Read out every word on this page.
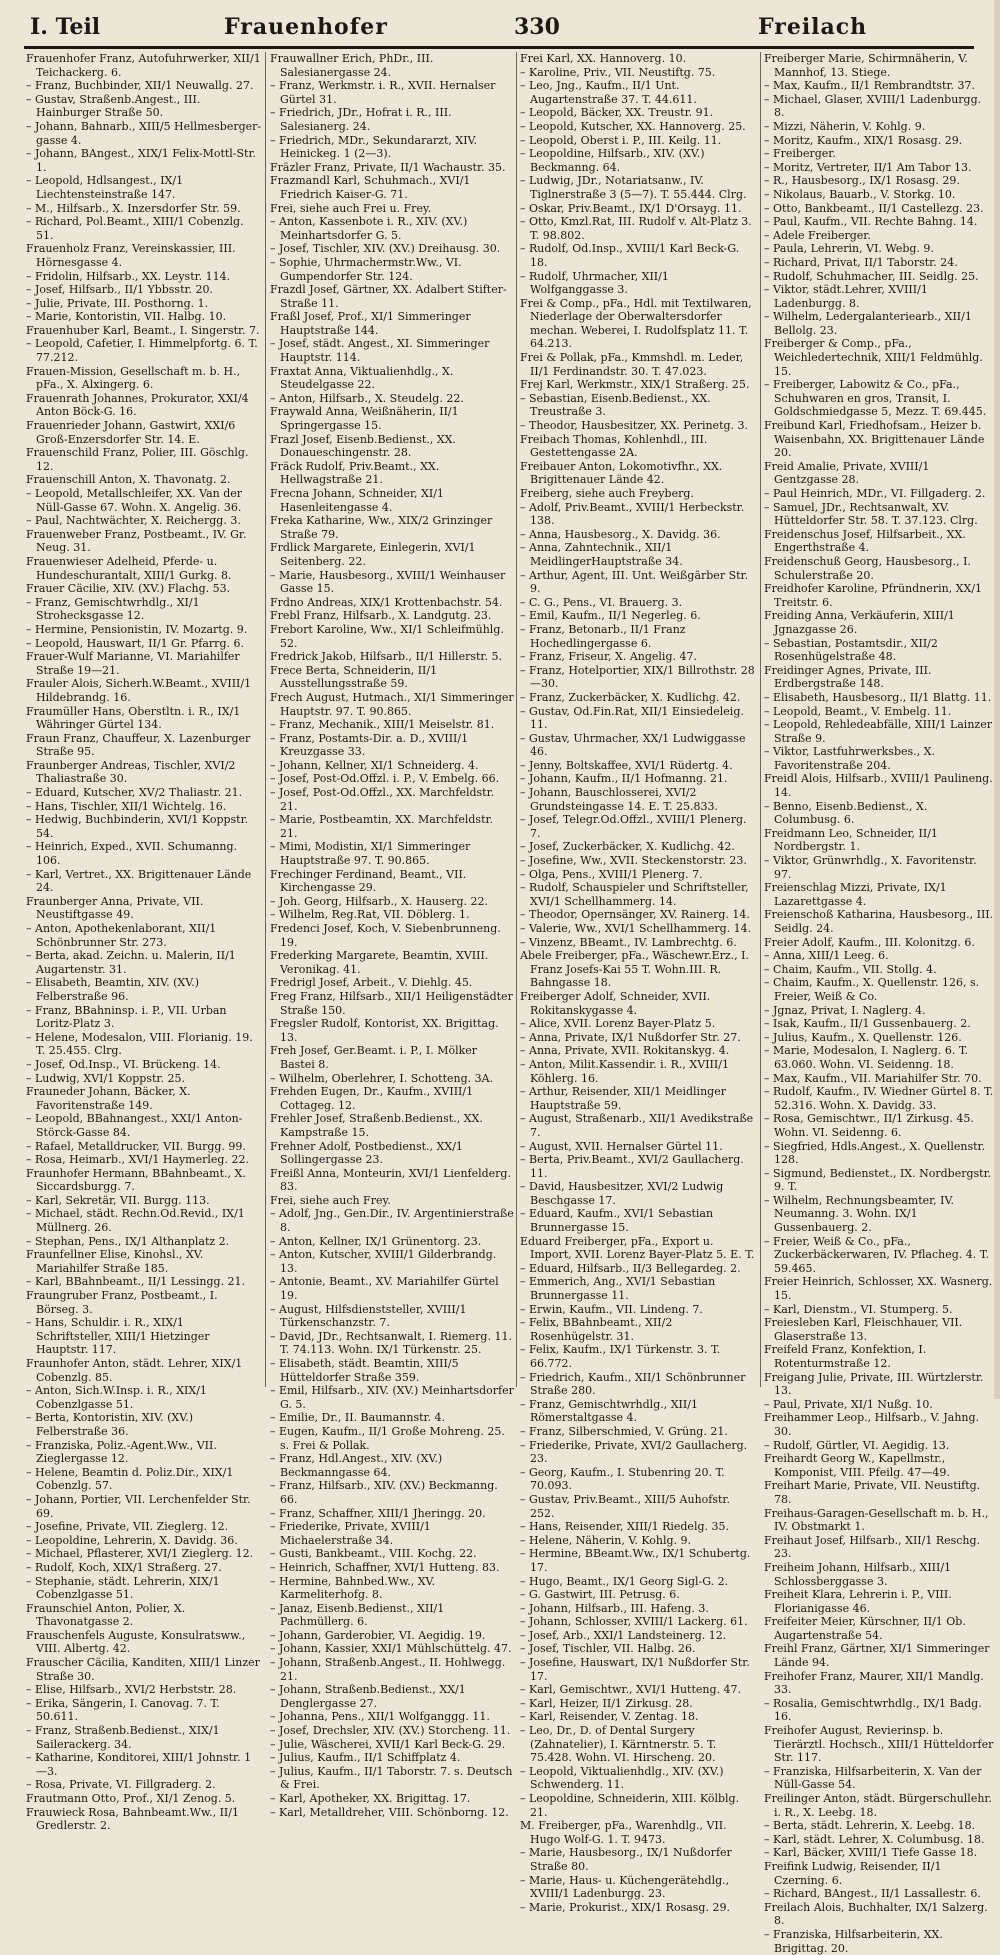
I. Teil	Frauenhofer	330	Freilach

Frauenhofer Franz, Autofuhrwerker, XII/1 Teichackerg. 6.

– Franz, Buchbinder, XII/1 Neuwallg. 27.

– Gustav, Straßenb.Angest., III. Hainburger Straße 50.

– Johann, Bahnarb., XIII/5 Hellmesberger-gasse 4.

– Johann, BAngest., XIX/1 Felix-Mottl-Str. 1.

– Leopold, Hdlsangest., IX/1 Liechtensteinstraße 147.

– M., Hilfsarb., X. Inzersdorfer Str. 59.

– Richard, Pol.Beamt., XIII/1 Cobenzlg. 51.

Frauenholz Franz, Vereinskassier, III. Hörnesgasse 4.

– Fridolin, Hilfsarb., XX. Leystr. 114.

– Josef, Hilfsarb., II/1 Ybbsstr. 20.

– Julie, Private, III. Posthorng. 1.

– Marie, Kontoristin, VII. Halbg. 10.

Frauenhuber Karl, Beamt., I. Singerstr. 7.

– Leopold, Cafetier, I. Himmelpfortg. 6. T. 77.212.

Frauen-Mission, Gesellschaft m. b. H., pFa., X. Alxingerg. 6.

Frauenrath Johannes, Prokurator, XXI/4 Anton Böck-G. 16.

Frauenrieder Johann, Gastwirt, XXI/6 Groß-Enzersdorfer Str. 14. E.

Frauenschild Franz, Polier, III. Göschlg. 12.

Frauenschill Anton, X. Thavonatg. 2.

– Leopold, Metallschleifer, XX. Van der Nüll-Gasse 67. Wohn. X. Angelig. 36.

– Paul, Nachtwächter, X. Reichergg. 3.

Frauenweber Franz, Postbeamt., IV. Gr. Neug. 31.

Frauenwieser Adelheid, Pferde- u. Hundeschurantalt, XIII/1 Gurkg. 8.

Frauer Cäcilie, XIV. (XV.) Flachg. 53.

– Franz, Gemischtwrhdlg., XI/1 Strohecksgasse 12.

– Hermine, Pensionistin, IV. Mozartg. 9.

– Leopold, Hauswart, II/1 Gr. Pfarrg. 6.

Frauer-Wulf Marianne, VI. Mariahilfer Straße 19—21.

Frauler Alois, Sicherh.W.Beamt., XVIII/1 Hildebrandg. 16.

Fraumüller Hans, Oberstltn. i. R., IX/1 Währinger Gürtel 134.

Fraun Franz, Chauffeur, X. Lazenburger Straße 95.

Fraunberger Andreas, Tischler, XVI/2 Thaliastraße 30.

– Eduard, Kutscher, XV/2 Thaliastr. 21.

– Hans, Tischler, XII/1 Wichtelg. 16.

– Hedwig, Buchbinderin, XVI/1 Koppstr. 54.

– Heinrich, Exped., XVII. Schumanng. 106.

– Karl, Vertret., XX. Brigittenauer Lände 24.

Fraunberger Anna, Private, VII. Neustiftgasse 49.

– Anton, Apothekenlaborant, XII/1 Schönbrunner Str. 273.

– Berta, akad. Zeichn. u. Malerin, II/1 Augartenstr. 31.

– Elisabeth, Beamtin, XIV. (XV.) Felberstraße 96.

– Franz, BBahninsp. i. P., VII. Urban Loritz-Platz 3.

– Helene, Modesalon, VIII. Florianig. 19. T. 25.455. Clrg.

– Josef, Od.Insp., VI. Brückeng. 14.

– Ludwig, XVI/1 Koppstr. 25.

Frauneder Johann, Bäcker, X. Favoritenstraße 149.

– Leopold, BBahnangest., XXI/1 Anton-Störck-Gasse 84.

– Rafael, Metalldrucker, VII. Burgg. 99.

– Rosa, Heimarb., XVI/1 Haymerleg. 22.

Fraunhofer Hermann, BBahnbeamt., X. Siccardsburgg. 7.

– Karl, Sekretär, VII. Burgg. 113.

– Michael, städt. Rechn.Od.Revid., IX/1 Müllnerg. 26.

– Stephan, Pens., IX/1 Althanplatz 2.

Fraunfellner Elise, Kinohsl., XV. Mariahilfer Straße 185.

– Karl, BBahnbeamt., II/1 Lessingg. 21.

Fraungruber Franz, Postbeamt., I. Börseg. 3.

– Hans, Schuldir. i. R., XIX/1 Schriftsteller, XIII/1 Hietzinger Hauptstr. 117.

Fraunhofer Anton, städt. Lehrer, XIX/1 Cobenzlg. 85.

– Anton, Sich.W.Insp. i. R., XIX/1 Cobenzlgasse 51.

– Berta, Kontoristin, XIV. (XV.) Felberstraße 36.

– Franziska, Poliz.-Agent.Ww., VII. Zieglergasse 12.

– Helene, Beamtin d. Poliz.Dir., XIX/1 Cobenzlg. 57.

– Johann, Portier, VII. Lerchenfelder Str. 69.

– Josefine, Private, VII. Zieglerg. 12.

– Leopoldine, Lehrerin, X. Davidg. 36.

– Michael, Pflasterer, XVI/1 Zieglerg. 12.

– Rudolf, Koch, XIX/1 Straßerg. 27.

– Stephanie, städt. Lehrerin, XIX/1 Cobenzlgasse 51.

Fraunschiel Anton, Polier, X. Thavonatgasse 2.

Frauschenfels Auguste, Konsulratsww., VIII. Albertg. 42.

Frauscher Cäcilia, Kanditen, XIII/1 Linzer Straße 30.

– Elise, Hilfsarb., XVI/2 Herbststr. 28.

– Erika, Sängerin, I. Canovag. 7. T. 50.611.

– Franz, Straßenb.Bedienst., XIX/1 Sailerackerg. 34.

– Katharine, Konditorei, XIII/1 Johnstr. 1—3.

– Rosa, Private, VI. Fillgraderg. 2.

Frautmann Otto, Prof., XI/1 Zenog. 5.

Frauwieck Rosa, Bahnbeamt.Ww., II/1 Gredlerstr. 2.

Frauwallner Erich, PhDr., III. Salesianergasse 24.

– Franz, Werkmstr. i. R., XVII. Hernalser Gürtel 31.

– Friedrich, JDr., Hofrat i. R., III. Salesianerg. 24.

– Friedrich, MDr., Sekundararzt, XIV. Heinickeg. 1 (2—3).

Fräzler Franz, Private, II/1 Wachaustr. 35.

Frazmandl Karl, Schuhmach., XVI/1 Friedrich Kaiser-G. 71.

Frei, siehe auch Frei u. Frey.

– Anton, Kassenbote i. R., XIV. (XV.) Meinhartsdorfer G. 5.

– Josef, Tischler, XIV. (XV.) Dreihausg. 30.

– Sophie, Uhrmachermstr.Ww., VI. Gumpendorfer Str. 124.

Frazdl Josef, Gärtner, XX. Adalbert Stifter-Straße 11.

Fraßl Josef, Prof., XI/1 Simmeringer Hauptstraße 144.

– Josef, städt. Angest., XI. Simmeringer Hauptstr. 114.

Fraxtat Anna, Viktualienhdlg., X. Steudelgasse 22.

– Anton, Hilfsarb., X. Steudelg. 22.

Fraywald Anna, Weißnäherin, II/1 Springergasse 15.

Frazl Josef, Eisenb.Bedienst., XX. Donaueschingenstr. 28.

Fräck Rudolf, Priv.Beamt., XX. Hellwagstraße 21.

Frecna Johann, Schneider, XI/1 Hasenleitengasse 4.

Freka Katharine, Ww., XIX/2 Grinzinger Straße 79.

Frdlick Margarete, Einlegerin, XVI/1 Seitenberg. 22.

– Marie, Hausbesorg., XVIII/1 Weinhauser Gasse 15.

Frdno Andreas, XIX/1 Krottenbachstr. 54.

Frebl Franz, Hilfsarb., X. Landgutg. 23.

Frebort Karoline, Ww., XI/1 Schleifmühlg. 52.

Fredrick Jakob, Hilfsarb., II/1 Hillerstr. 5.

Frece Berta, Schneiderin, II/1 Ausstellungsstraße 59.

Frech August, Hutmach., XI/1 Simmeringer Hauptstr. 97. T. 90.865.

– Franz, Mechanik., XIII/1 Meiselstr. 81.

– Franz, Postamts-Dir. a. D., XVIII/1 Kreuzgasse 33.

– Johann, Kellner, XI/1 Schneiderg. 4.

– Josef, Post-Od.Offzl. i. P., V. Embelg. 66.

– Josef, Post-Od.Offzl., XX. Marchfeldstr. 21.

– Marie, Postbeamtin, XX. Marchfeldstr. 21.

– Mimi, Modistin, XI/1 Simmeringer Hauptstraße 97. T. 90.865.

Frechinger Ferdinand, Beamt., VII. Kirchengasse 29.

– Joh. Georg, Hilfsarb., X. Hauserg. 22.

– Wilhelm, Reg.Rat, VII. Döblerg. 1.

Fredenci Josef, Koch, V. Siebenbrunneng. 19.

Frederking Margarete, Beamtin, XVIII. Veronikag. 41.

Fredrigl Josef, Arbeit., V. Diehlg. 45.

Freg Franz, Hilfsarb., XII/1 Heiligenstädter Straße 150.

Fregsler Rudolf, Kontorist, XX. Brigittag. 13.

Freh Josef, Ger.Beamt. i. P., I. Mölker Bastei 8.

– Wilhelm, Oberlehrer, I. Schotteng. 3A.

Frehden Eugen, Dr., Kaufm., XVIII/1 Cottageg. 12.

Frehler Josef, Straßenb.Bedienst., XX. Kampstraße 15.

Frehner Adolf, Postbedienst., XX/1 Sollingergasse 23.

Freißl Anna, Monteurin, XVI/1 Lienfelderg. 83.

Frei, siehe auch Frey.

– Adolf, Jng., Gen.Dir., IV. Argentinierstraße 8.

– Anton, Kellner, IX/1 Grünentorg. 23.

– Anton, Kutscher, XVIII/1 Gilderbrandg. 13.

– Antonie, Beamt., XV. Mariahilfer Gürtel 19.

– August, Hilfsdienststeller, XVIII/1 Türkenschanzstr. 7.

– David, JDr., Rechtsanwalt, I. Riemerg. 11. T. 74.113. Wohn. IX/1 Türkenstr. 25.

– Elisabeth, städt. Beamtin, XIII/5 Hütteldorfer Straße 359.

– Emil, Hilfsarb., XIV. (XV.) Meinhartsdorfer G. 5.

– Emilie, Dr., II. Baumannstr. 4.

– Eugen, Kaufm., II/1 Große Mohreng. 25. s. Frei & Pollak.

– Franz, Hdl.Angest., XIV. (XV.) Beckmanngasse 64.

– Franz, Hilfsarb., XIV. (XV.) Beckmanng. 66.

– Franz, Schaffner, XIII/1 Jheringg. 20.

– Friederike, Private, XVIII/1 Michaelerstraße 34.

– Gusti, Bankbeamt., VIII. Kochg. 22.

– Heinrich, Schaffner, XVI/1 Hutteng. 83.

– Hermine, Bahnbed.Ww., XV. Karmeliterhofg. 8.

– Janaz, Eisenb.Bedienst., XII/1 Pachmüllerg. 6.

– Johann, Garderobier, VI. Aegidig. 19.

– Johann, Kassier, XXI/1 Mühlschüttelg. 47.

– Johann, Straßenb.Angest., II. Hohlwegg. 21.

– Johann, Straßenb.Bedienst., XX/1 Denglergasse 27.

– Johanna, Pens., XII/1 Wolfganggg. 11.

– Josef, Drechsler, XIV. (XV.) Storcheng. 11.

– Julie, Wäscherei, XVII/1 Karl Beck-G. 29.

– Julius, Kaufm., II/1 Schiffplatz 4.

– Julius, Kaufm., II/1 Taborstr. 7. s. Deutsch & Frei.

– Karl, Apotheker, XX. Brigittag. 17.

– Karl, Metalldreher, VIII. Schönborng. 12.

Frei Karl, XX. Hannoverg. 10.

– Karoline, Priv., VII. Neustiftg. 75.

– Leo, Jng., Kaufm., II/1 Unt. Augartenstraße 37. T. 44.611.

– Leopold, Bäcker, XX. Treustr. 91.

– Leopold, Kutscher, XX. Hannoverg. 25.

– Leopold, Oberst i. P., III. Keilg. 11.

– Leopoldine, Hilfsarb., XIV. (XV.) Beckmanng. 64.

– Ludwig, JDr., Notariatsanw., IV. Tiglnerstraße 3 (5—7). T. 55.444. Clrg.

– Oskar, Priv.Beamt., IX/1 D'Orsayg. 11.

– Otto, Kmzl.Rat, III. Rudolf v. Alt-Platz 3. T. 98.802.

– Rudolf, Od.Insp., XVIII/1 Karl Beck-G. 18.

– Rudolf, Uhrmacher, XII/1 Wolfganggasse 3.

Frei & Comp., pFa., Hdl. mit Textilwaren, Niederlage der Oberwaltersdorfer mechan. Weberei, I. Rudolfsplatz 11. T. 64.213.

Frei & Pollak, pFa., Kmmshdl. m. Leder, II/1 Ferdinandstr. 30. T. 47.023.

Frej Karl, Werkmstr., XIX/1 Straßerg. 25.

– Sebastian, Eisenb.Bedienst., XX. Treustraße 3.

– Theodor, Hausbesitzer, XX. Perinetg. 3.

Freibach Thomas, Kohlenhdl., III. Gestettengasse 2A.

Freibauer Anton, Lokomotivfhr., XX. Brigittenauer Lände 42.

Freiberg, siehe auch Freyberg.

– Adolf, Priv.Beamt., XVIII/1 Herbeckstr. 138.

– Anna, Hausbesorg., X. Davidg. 36.

– Anna, Zahntechnik., XII/1 MeidlingerHauptstraße 34.

– Arthur, Agent, III. Unt. Weißgärber Str. 9.

– C. G., Pens., VI. Brauerg. 3.

– Emil, Kaufm., II/1 Negerleg. 6.

– Franz, Betonarb., II/1 Franz Hochedlingergasse 6.

– Franz, Friseur, X. Angelig. 47.

– Franz, Hotelportier, XIX/1 Billrothstr. 28—30.

– Franz, Zuckerbäcker, X. Kudlichg. 42.

– Gustav, Od.Fin.Rat, XII/1 Einsiedeleig. 11.

– Gustav, Uhrmacher, XX/1 Ludwiggasse 46.

– Jenny, Boltskaffee, XVI/1 Rüdertg. 4.

– Johann, Kaufm., II/1 Hofmanng. 21.

– Johann, Bauschlosserei, XVI/2 Grundsteingasse 14. E. T. 25.833.

– Josef, Telegr.Od.Offzl., XVIII/1 Plenerg. 7.

– Josef, Zuckerbäcker, X. Kudlichg. 42.

– Josefine, Ww., XVII. Steckenstorstr. 23.

– Olga, Pens., XVIII/1 Plenerg. 7.

– Rudolf, Schauspieler und Schriftsteller, XVI/1 Schellhammerg. 14.

– Theodor, Opernsänger, XV. Rainerg. 14.

– Valerie, Ww., XVI/1 Schellhammerg. 14.

– Vinzenz, BBeamt., IV. Lambrechtg. 6.

Abele Freiberger, pFa., Wäschewr.Erz., I. Franz Josefs-Kai 55 T. Wohn.III. R. Bahngasse 18.

Freiberger Adolf, Schneider, XVII. Rokitanskygasse 4.

– Alice, XVII. Lorenz Bayer-Platz 5.

– Anna, Private, IX/1 Nußdorfer Str. 27.

– Anna, Private, XVII. Rokitanskyg. 4.

– Anton, Milit.Kassendir. i. R., XVIII/1 Köhlerg. 16.

– Arthur, Reisender, XII/1 Meidlinger Hauptstraße 59.

– August, Straßenarb., XII/1 Avedikstraße 7.

– August, XVII. Hernalser Gürtel 11.

– Berta, Priv.Beamt., XVI/2 Gaullacherg. 11.

– David, Hausbesitzer, XVI/2 Ludwig Beschgasse 17.

– Eduard, Kaufm., XVI/1 Sebastian Brunnergasse 15.

Eduard Freiberger, pFa., Export u. Import, XVII. Lorenz Bayer-Platz 5. E. T.

– Eduard, Hilfsarb., II/3 Bellegardeg. 2.

– Emmerich, Ang., XVI/1 Sebastian Brunnergasse 11.

– Erwin, Kaufm., VII. Lindeng. 7.

– Felix, BBahnbeamt., XII/2 Rosenhügelstr. 31.

– Felix, Kaufm., IX/1 Türkenstr. 3. T. 66.772.

– Friedrich, Kaufm., XII/1 Schönbrunner Straße 280.

– Franz, Gemischtwrhdlg., XII/1 Römerstaltgasse 4.

– Franz, Silberschmied, V. Grüng. 21.

– Friederike, Private, XVI/2 Gaullacherg. 23.

– Georg, Kaufm., I. Stubenring 20. T. 70.093.

– Gustav, Priv.Beamt., XIII/5 Auhofstr. 252.

– Hans, Reisender, XIII/1 Riedelg. 35.

– Helene, Näherin, V. Kohlg. 9.

– Hermine, BBeamt.Ww., IX/1 Schubertg. 17.

– Hugo, Beamt., IX/1 Georg Sigl-G. 2.

– G. Gastwirt, III. Petrusg. 6.

– Johann, Hilfsarb., III. Hafeng. 3.

– Johann, Schlosser, XVIII/1 Lackerg. 61.

– Josef, Arb., XXI/1 Landsteinerg. 12.

– Josef, Tischler, VII. Halbg. 26.

– Josefine, Hauswart, IX/1 Nußdorfer Str. 17.

– Karl, Gemischtwr., XVI/1 Hutteng. 47.

– Karl, Heizer, II/1 Zirkusg. 28.

– Karl, Reisender, V. Zentag. 18.

– Leo, Dr., D. of Dental Surgery (Zahnatelier), I. Kärntnerstr. 5. T. 75.428. Wohn. VI. Hirscheng. 20.

– Leopold, Viktualienhdlg., XIV. (XV.) Schwenderg. 11.

– Leopoldine, Schneiderin, XIII. Kölblg. 21.

M. Freiberger, pFa., Warenhdlg., VII. Hugo Wolf-G. 1. T. 9473.

– Marie, Hausbesorg., IX/1 Nußdorfer Straße 80.

– Marie, Haus- u. Küchengerätehdlg., XVIII/1 Ladenburgg. 23.

– Marie, Prokurist., XIX/1 Rosasg. 29.

Freiberger Marie, Schirmnäherin, V. Mannhof, 13. Stiege.

– Max, Kaufm., II/1 Rembrandtstr. 37.

– Michael, Glaser, XVIII/1 Ladenburgg. 8.

– Mizzi, Näherin, V. Kohlg. 9.

– Moritz, Kaufm., XIX/1 Rosasg. 29.

– Freiberger.

– Moritz, Vertreter, II/1 Am Tabor 13.

– R., Hausbesorg., IX/1 Rosasg. 29.

– Nikolaus, Bauarb., V. Storkg. 10.

– Otto, Bankbeamt., II/1 Castellezg. 23.

– Paul, Kaufm., VII. Rechte Bahng. 14.

– Adele Freiberger.

– Paula, Lehrerin, VI. Webg. 9.

– Richard, Privat, II/1 Taborstr. 24.

– Rudolf, Schuhmacher, III. Seidlg. 25.

– Viktor, städt.Lehrer, XVIII/1 Ladenburgg. 8.

– Wilhelm, Ledergalanteriearb., XII/1 Bellolg. 23.

Freiberger & Comp., pFa., Weichledertechnik, XIII/1 Feldmühlg. 15.

– Freiberger, Labowitz & Co., pFa., Schuhwaren en gros, Transit, I. Goldschmiedgasse 5, Mezz. T. 69.445.

Freibund Karl, Friedhofsam., Heizer b. Waisenbahn, XX. Brigittenauer Lände 20.

Freid Amalie, Private, XVIII/1 Gentzgasse 28.

– Paul Heinrich, MDr., VI. Fillgaderg. 2.

– Samuel, JDr., Rechtsanwalt, XV. Hütteldorfer Str. 58. T. 37.123. Clrg.

Freidenschus Josef, Hilfsarbeit., XX. Engerthstraße 4.

Freidenschuß Georg, Hausbesorg., I. Schulerstraße 20.

Freidhofer Karoline, Pfründnerin, XX/1 Treitstr. 6.

Freiding Anna, Verkäuferin, XIII/1 Jgnazgasse 26.

– Sebastian, Postamtsdir., XII/2 Rosenhügelstraße 48.

Freidinger Agnes, Private, III. Erdbergstraße 148.

– Elisabeth, Hausbesorg., II/1 Blattg. 11.

– Leopold, Beamt., V. Embelg. 11.

– Leopold, Rehledeabfälle, XIII/1 Lainzer Straße 9.

– Viktor, Lastfuhrwerksbes., X. Favoritenstraße 204.

Freidl Alois, Hilfsarb., XVIII/1 Paulineng. 14.

– Benno, Eisenb.Bedienst., X. Columbusg. 6.

Freidmann Leo, Schneider, II/1 Nordbergstr. 1.

– Viktor, Grünwrhdlg., X. Favoritenstr. 97.

Freienschlag Mizzi, Private, IX/1 Lazarettgasse 4.

Freienschoß Katharina, Hausbesorg., III. Seidlg. 24.

Freier Adolf, Kaufm., III. Kolonitzg. 6.

– Anna, XIII/1 Leeg. 6.

– Chaim, Kaufm., VII. Stollg. 4.

– Chaim, Kaufm., X. Quellenstr. 126, s. Freier, Weiß & Co.

– Jgnaz, Privat, I. Naglerg. 4.

– Isak, Kaufm., II/1 Gussenbauerg. 2.

– Julius, Kaufm., X. Quellenstr. 126.

– Marie, Modesalon, I. Naglerg. 6. T. 63.060. Wohn. VI. Seidenng. 18.

– Max, Kaufm., VII. Mariahilfer Str. 70.

– Rudolf, Kaufm., IV. Wiedner Gürtel 8. T. 52.316. Wohn. X. Davidg. 33.

– Rosa, Gemischtwr., II/1 Zirkusg. 45. Wohn. VI. Seidenng. 6.

– Siegfried, Hdls.Angest., X. Quellenstr. 128.

– Sigmund, Bedienstet., IX. Nordbergstr. 9. T.

– Wilhelm, Rechnungsbeamter, IV. Neumanng. 3. Wohn. IX/1 Gussenbauerg. 2.

– Freier, Weiß & Co., pFa., Zuckerbäckerwaren, IV. Pflacheg. 4. T. 59.465.

Freier Heinrich, Schlosser, XX. Wasnerg. 15.

– Karl, Dienstm., VI. Stumperg. 5.

Freiesleben Karl, Fleischhauer, VII. Glaserstraße 13.

Freifeld Franz, Konfektion, I. Rotenturmstraße 12.

Freigang Julie, Private, III. Würtzlerstr. 13.

– Paul, Private, XI/1 Nußg. 10.

Freihammer Leop., Hilfsarb., V. Jahng. 30.

– Rudolf, Gürtler, VI. Aegidig. 13.

Freihardt Georg W., Kapellmstr., Komponist, VIII. Pfeilg. 47—49.

Freihart Marie, Private, VII. Neustiftg. 78.

Freihaus-Garagen-Gesellschaft m. b. H., IV. Obstmarkt 1.

Freihaut Josef, Hilfsarb., XII/1 Reschg. 23.

Freiheim Johann, Hilfsarb., XIII/1 Schlossberggasse 3.

Freiheit Klara, Lehrerin i. P., VIII. Florianigasse 46.

Freifeiter Meier, Kürschner, II/1 Ob. Augartenstraße 54.

Freihl Franz, Gärtner, XI/1 Simmeringer Lände 94.

Freihofer Franz, Maurer, XII/1 Mandlg. 33.

– Rosalia, Gemischtwrhdlg., IX/1 Badg. 16.

Freihofer August, Revierinsp. b. Tierärztl. Hochsch., XIII/1 Hütteldorfer Str. 117.

– Franziska, Hilfsarbeiterin, X. Van der Nüll-Gasse 54.

Freilinger Anton, städt. Bürgerschullehr. i. R., X. Leebg. 18.

– Berta, städt. Lehrerin, X. Leebg. 18.

– Karl, städt. Lehrer, X. Columbusg. 18.

– Karl, Bäcker, XVIII/1 Tiefe Gasse 18.

Freifink Ludwig, Reisender, II/1 Czerning. 6.

– Richard, BAngest., II/1 Lassallestr. 6.

Freilach Alois, Buchhalter, IX/1 Salzerg. 8.

– Franziska, Hilfsarbeiterin, XX. Brigittag. 20.
